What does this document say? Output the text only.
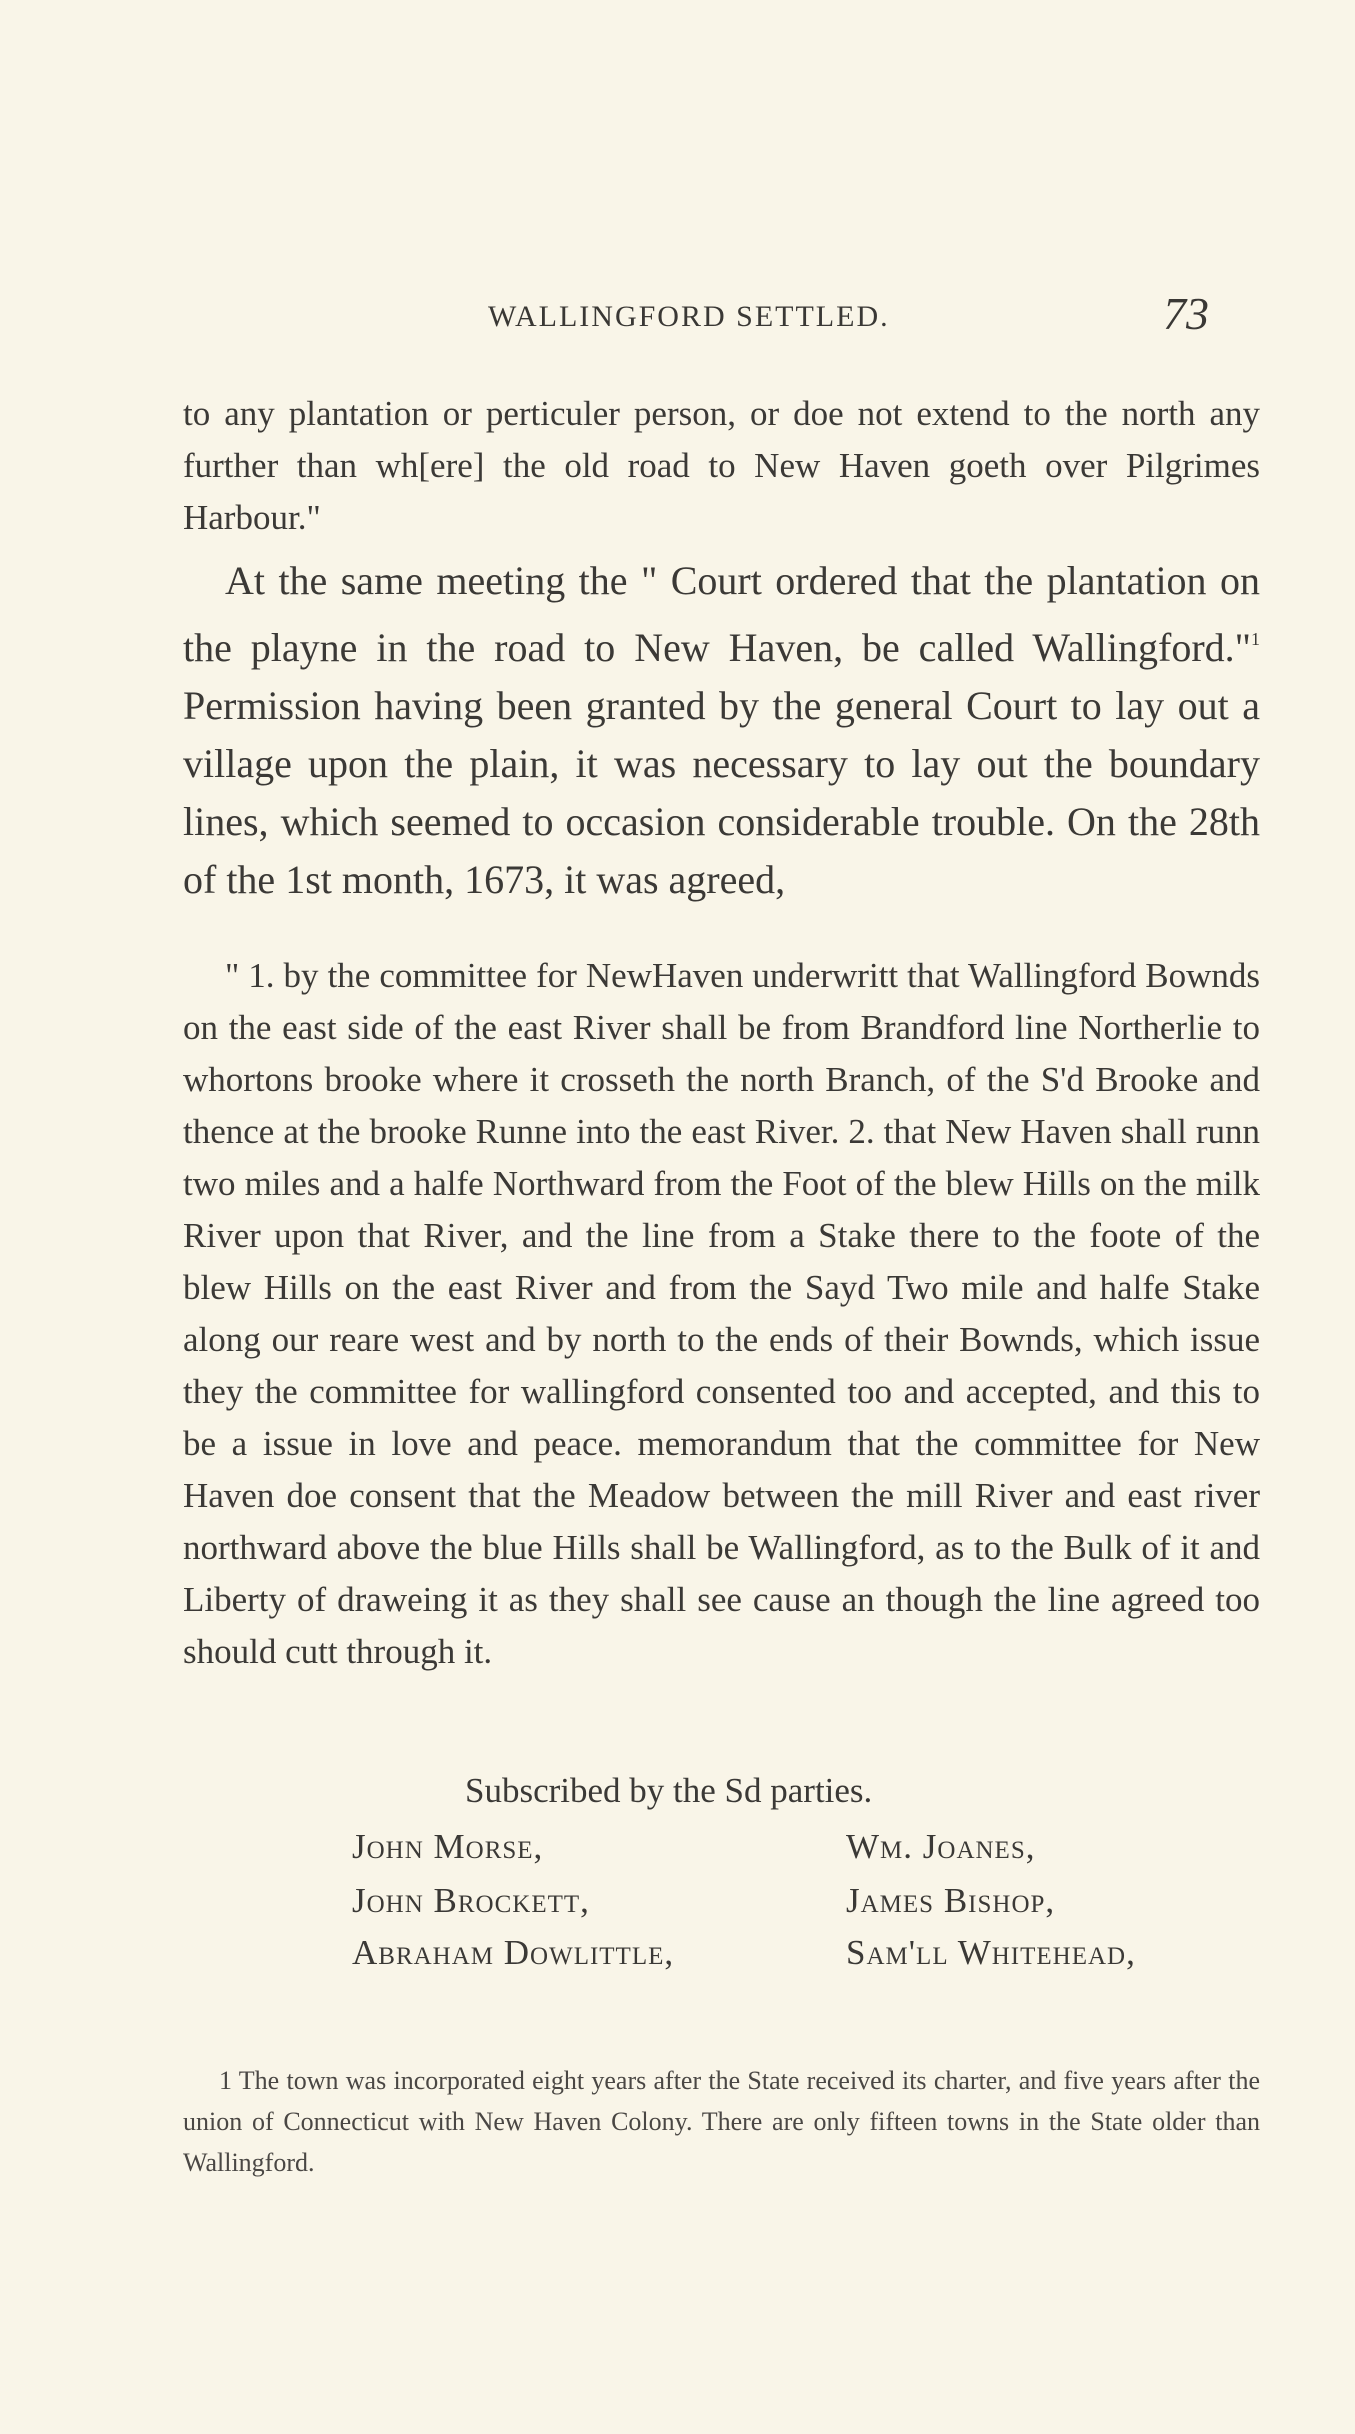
WALLINGFORD SETTLED.	73

to any plantation or perticuler person, or doe not extend to the north any further than wh[ere] the old road to New Haven goeth over Pilgrimes Harbour."

At the same meeting the " Court ordered that the plantation on the playne in the road to New Haven, be called Wallingford."$^1$ Permission having been granted by the general Court to lay out a village upon the plain, it was necessary to lay out the boundary lines, which seemed to occasion considerable trouble. On the 28th of the 1st month, 1673, it was agreed,

" 1. by the committee for NewHaven underwritt that Wallingford Bownds on the east side of the east River shall be from Brandford line Northerlie to whortons brooke where it crosseth the north Branch, of the S'd Brooke and thence at the brooke Runne into the east River. 2. that New Haven shall runn two miles and a halfe Northward from the Foot of the blew Hills on the milk River upon that River, and the line from a Stake there to the foote of the blew Hills on the east River and from the Sayd Two mile and halfe Stake along our reare west and by north to the ends of their Bownds, which issue they the committee for wallingford consented too and accepted, and this to be a issue in love and peace. memorandum that the committee for New Haven doe consent that the Meadow between the mill River and east river northward above the blue Hills shall be Wallingford, as to the Bulk of it and Liberty of draweing it as they shall see cause an though the line agreed too should cutt through it.

Subscribed by the Sd parties.
John Morse,	Wm. Joanes,
John Brockett,	James Bishop,
Abraham Dowlittle,	Sam'll Whitehead,

1 The town was incorporated eight years after the State received its charter, and five years after the union of Connecticut with New Haven Colony. There are only fifteen towns in the State older than Wallingford.
